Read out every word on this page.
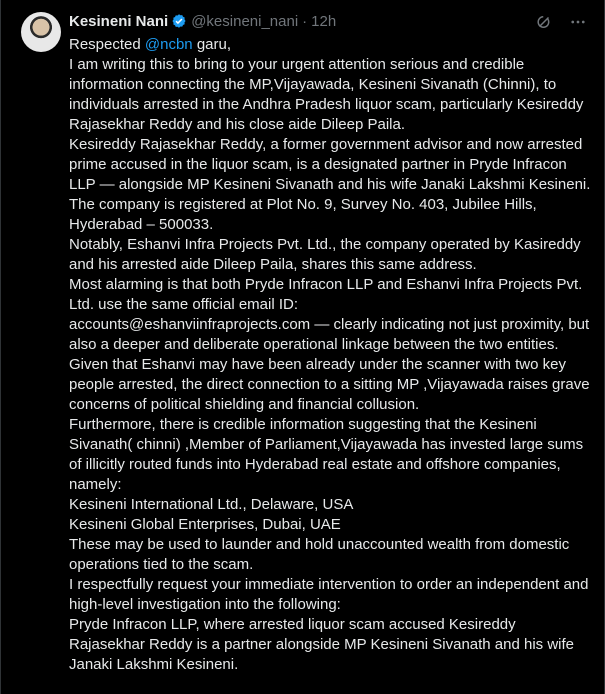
Kesineni Nani @kesineni_nani · 12h
Respected @ncbn garu,
I am writing this to bring to your urgent attention serious and credible information connecting the MP,Vijayawada, Kesineni Sivanath (Chinni), to individuals arrested in the Andhra Pradesh liquor scam, particularly Kesireddy Rajasekhar Reddy and his close aide Dileep Paila.
Kesireddy Rajasekhar Reddy, a former government advisor and now arrested prime accused in the liquor scam, is a designated partner in Pryde Infracon LLP — alongside MP Kesineni Sivanath and his wife Janaki Lakshmi Kesineni. The company is registered at Plot No. 9, Survey No. 403, Jubilee Hills, Hyderabad – 500033.
Notably, Eshanvi Infra Projects Pvt. Ltd., the company operated by Kasireddy and his arrested aide Dileep Paila, shares this same address.
Most alarming is that both Pryde Infracon LLP and Eshanvi Infra Projects Pvt. Ltd. use the same official email ID:
accounts@eshanviinfraprojects.com — clearly indicating not just proximity, but also a deeper and deliberate operational linkage between the two entities.
Given that Eshanvi may have been already under the scanner with two key people arrested, the direct connection to a sitting MP ,Vijayawada raises grave concerns of political shielding and financial collusion.
Furthermore, there is credible information suggesting that the Kesineni Sivanath( chinni) ,Member of Parliament,Vijayawada has invested large sums of illicitly routed funds into Hyderabad real estate and offshore companies, namely:
Kesineni International Ltd., Delaware, USA
Kesineni Global Enterprises, Dubai, UAE
These may be used to launder and hold unaccounted wealth from domestic operations tied to the scam.
I respectfully request your immediate intervention to order an independent and high-level investigation into the following:
Pryde Infracon LLP, where arrested liquor scam accused Kesireddy Rajasekhar Reddy is a partner alongside MP Kesineni Sivanath and his wife Janaki Lakshmi Kesineni.
